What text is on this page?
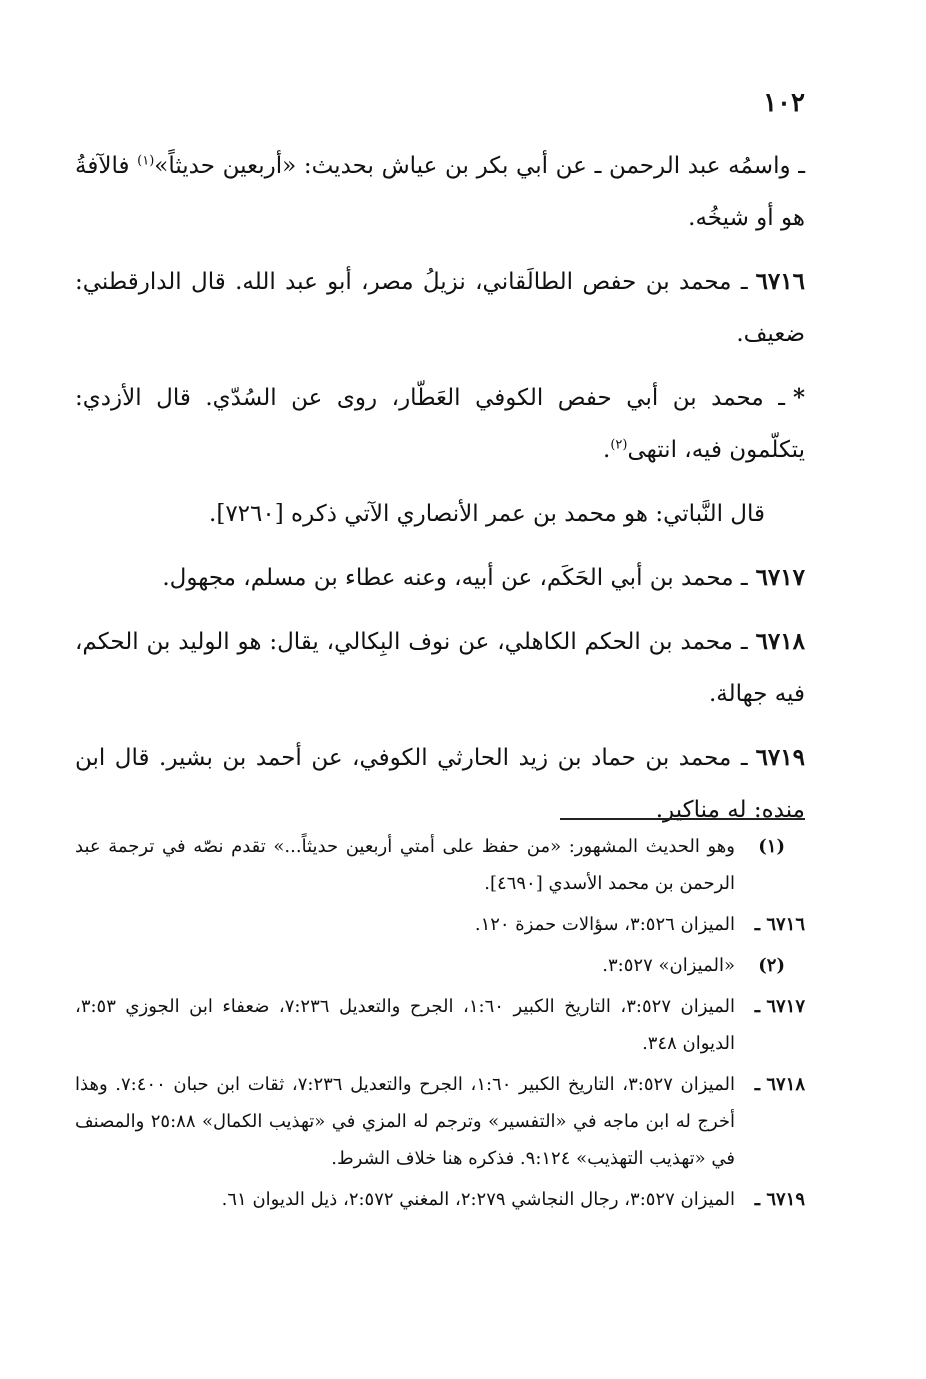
١٠٢

ـ واسمُه عبد الرحمن ـ عن أبي بكر بن عياش بحديث: «أربعين حديثاً»$^{(١)}$ فالآفةُ هو أو شيخُه.

٦٧١٦ـ محمد بن حفص الطالَقاني، نزيلُ مصر، أبو عبد الله. قال الدارقطني: ضعيف.

*ـ محمد بن أبي حفص الكوفي العَطّار، روى عن السُدّي. قال الأزدي: يتكلّمون فيه، انتهى$^{(٢)}$.

قال النَّباتي: هو محمد بن عمر الأنصاري الآتي ذكره [٧٢٦٠].

٦٧١٧ـ محمد بن أبي الحَكَم، عن أبيه، وعنه عطاء بن مسلم، مجهول.

٦٧١٨ـ محمد بن الحكم الكاهلي، عن نوف البِكالي، يقال: هو الوليد بن الحكم، فيه جهالة.

٦٧١٩ـ محمد بن حماد بن زيد الحارثي الكوفي، عن أحمد بن بشير. قال ابن منده: له مناكير.

(١)
وهو الحديث المشهور: «من حفظ على أمتي أربعين حديثاً...» تقدم نصّه في ترجمة عبد الرحمن بن محمد الأسدي [٤٦٩٠].
٦٧١٦ ـ
الميزان ٣:٥٢٦، سؤالات حمزة ١٢٠.
(٢)
«الميزان» ٣:٥٢٧.
٦٧١٧ ـ
الميزان ٣:٥٢٧، التاريخ الكبير ١:٦٠، الجرح والتعديل ٧:٢٣٦، ضعفاء ابن الجوزي ٣:٥٣، الديوان ٣٤٨.
٦٧١٨ ـ
الميزان ٣:٥٢٧، التاريخ الكبير ١:٦٠، الجرح والتعديل ٧:٢٣٦، ثقات ابن حبان ٧:٤٠٠. وهذا أخرج له ابن ماجه في «التفسير» وترجم له المزي في «تهذيب الكمال» ٢٥:٨٨ والمصنف في «تهذيب التهذيب» ٩:١٢٤. فذكره هنا خلاف الشرط.
٦٧١٩ ـ
الميزان ٣:٥٢٧، رجال النجاشي ٢:٢٧٩، المغني ٢:٥٧٢، ذيل الديوان ٦١.
